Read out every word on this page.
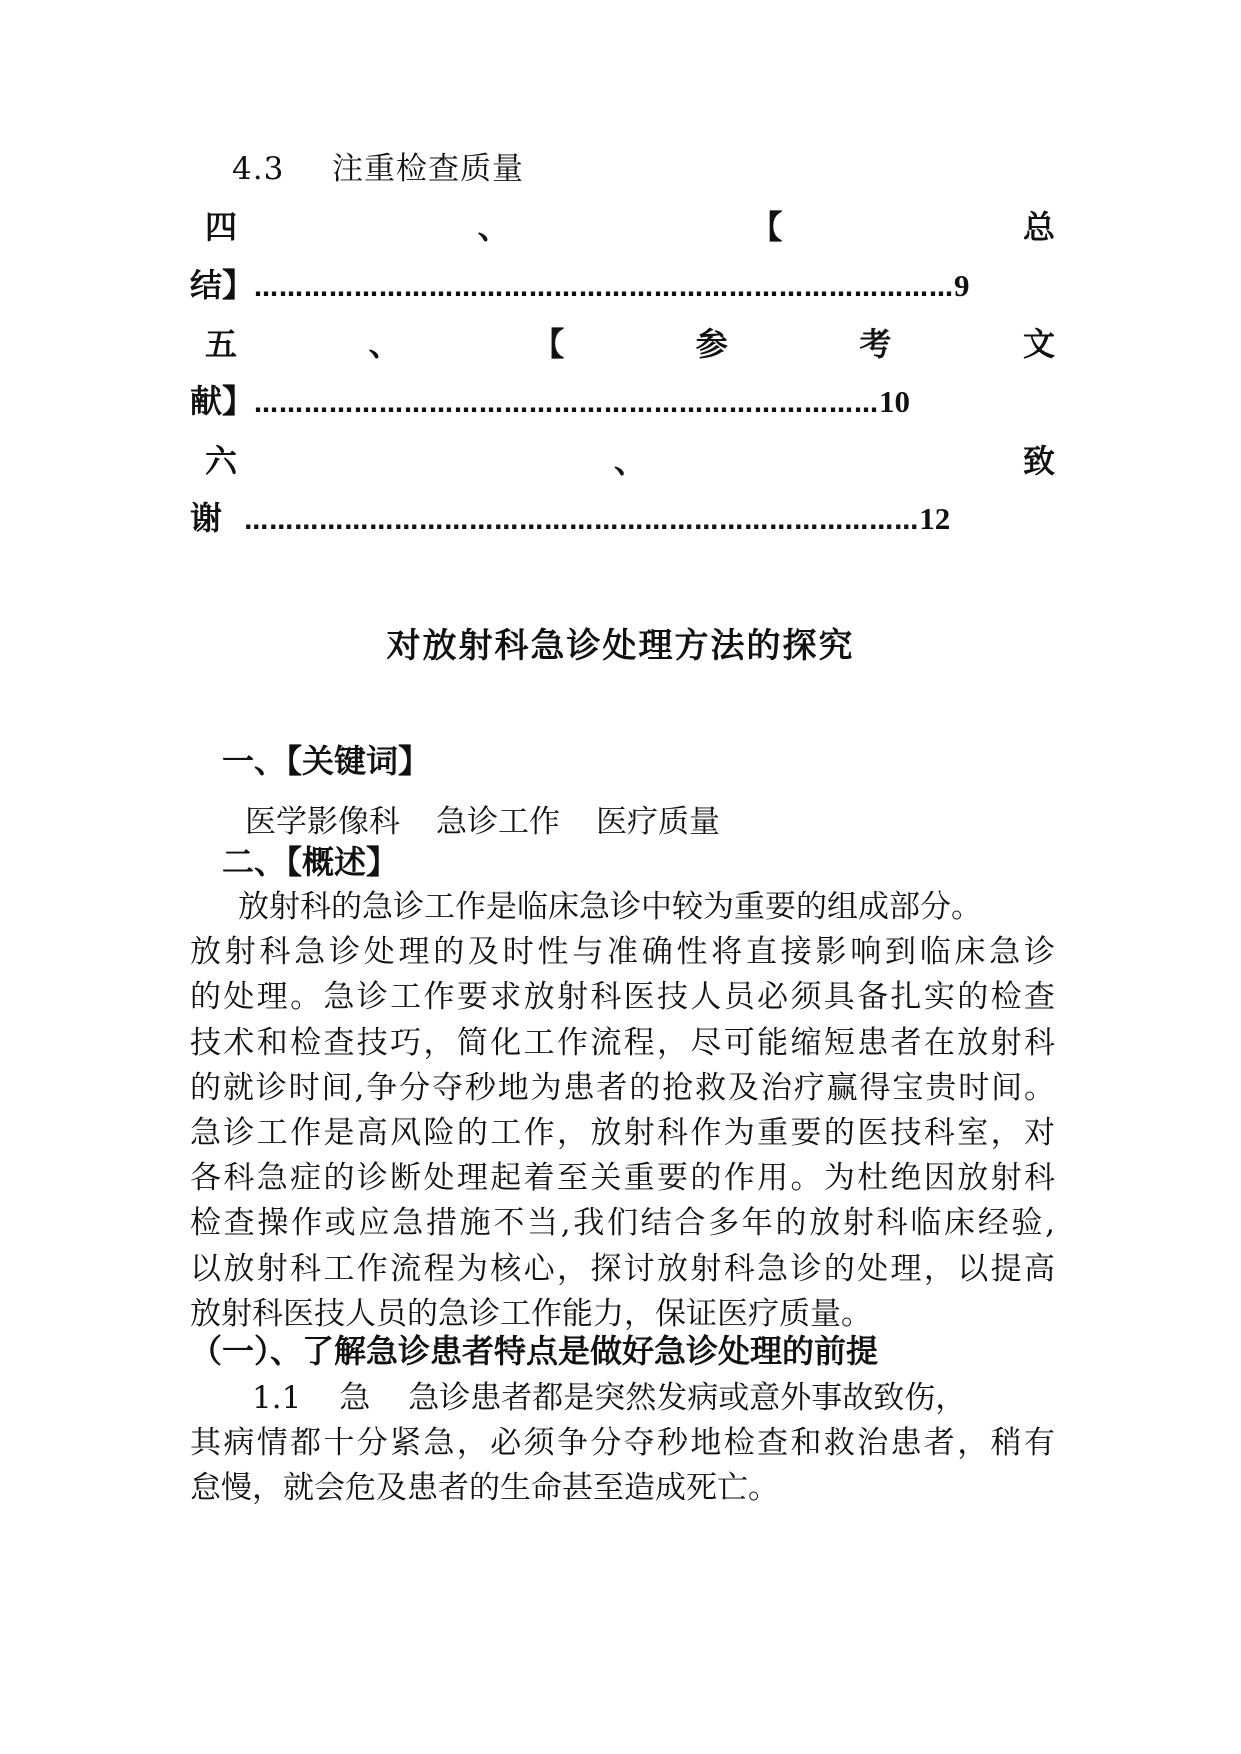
4.3 注重检查质量
四	、	【	总
结】…………………………………………………………………………9
五	、	【	参	考	文
献】…………………………………………………………………10
六	、	致
谢 ………………………………………………………………………12
对放射科急诊处理方法的探究
一、【关键词】
医学影像科 急诊工作 医疗质量
二、【概述】
放射科的急诊工作是临床急诊中较为重要的组成部分。
放射科急诊处理的及时性与准确性将直接影响到临床急诊
的处理。急诊工作要求放射科医技人员必须具备扎实的检查
技术和检查技巧，简化工作流程，尽可能缩短患者在放射科
的就诊时间,争分夺秒地为患者的抢救及治疗赢得宝贵时间。
急诊工作是高风险的工作，放射科作为重要的医技科室，对
各科急症的诊断处理起着至关重要的作用。为杜绝因放射科
检查操作或应急措施不当,我们结合多年的放射科临床经验,
以放射科工作流程为核心，探讨放射科急诊的处理，以提高
放射科医技人员的急诊工作能力，保证医疗质量。
（一）、了解急诊患者特点是做好急诊处理的前提
1.1 急 急诊患者都是突然发病或意外事故致伤，
其病情都十分紧急，必须争分夺秒地检查和救治患者，稍有
怠慢，就会危及患者的生命甚至造成死亡。
